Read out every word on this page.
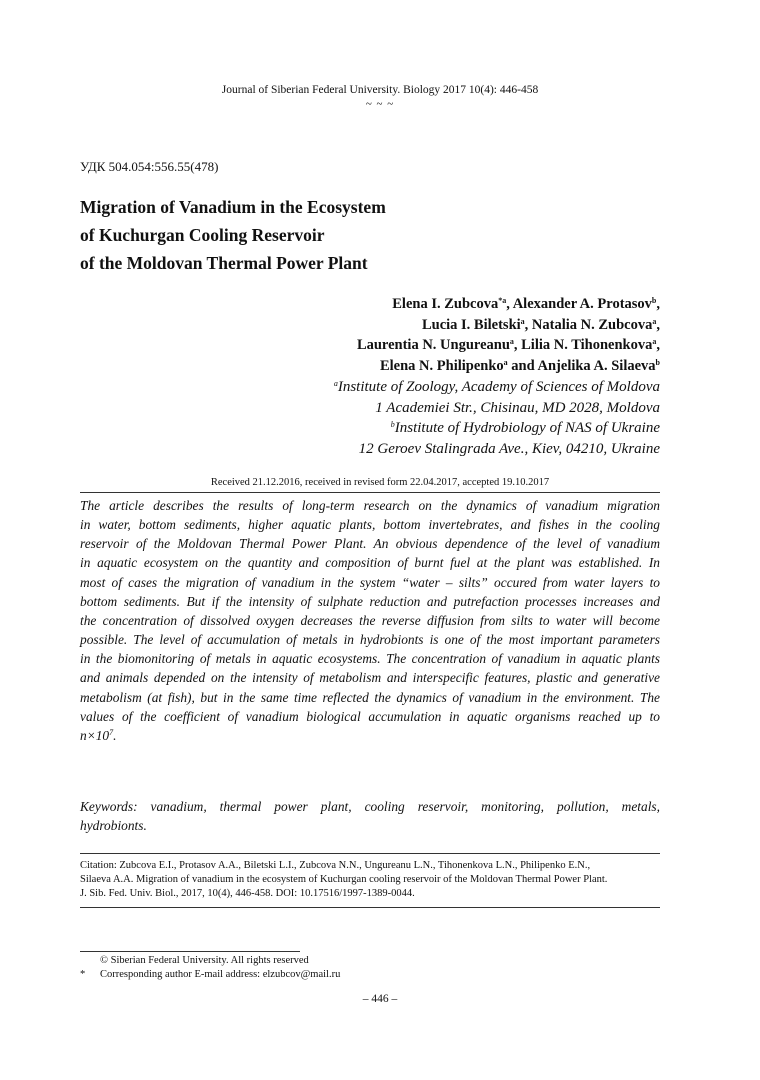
Journal of Siberian Federal University. Biology 2017 10(4): 446-458
~ ~ ~
УДК 504.054:556.55(478)
Migration of Vanadium in the Ecosystem
of Kuchurgan Cooling Reservoir
of the Moldovan Thermal Power Plant
Elena I. Zubcova$^{*a}$, Alexander A. Protasov$^b$,
Lucia I. Biletski$^a$, Natalia N. Zubcova$^a$,
Laurentia N. Ungureanu$^a$, Lilia N. Tihonenkova$^a$,
Elena N. Philipenko$^a$ and Anjelika A. Silaeva$^b$
$^a$Institute of Zoology, Academy of Sciences of Moldova
1 Academiei Str., Chisinau, MD 2028, Moldova
$^b$Institute of Hydrobiology of NAS of Ukraine
12 Geroev Stalingrada Ave., Kiev, 04210, Ukraine
Received 21.12.2016, received in revised form 22.04.2017, accepted 19.10.2017
The article describes the results of long-term research on the dynamics of vanadium migration
in water, bottom sediments, higher aquatic plants, bottom invertebrates, and fishes in the cooling
reservoir of the Moldovan Thermal Power Plant. An obvious dependence of the level of vanadium
in aquatic ecosystem on the quantity and composition of burnt fuel at the plant was established. In
most of cases the migration of vanadium in the system “water – silts” occured from water layers to
bottom sediments. But if the intensity of sulphate reduction and putrefaction processes increases and
the concentration of dissolved oxygen decreases the reverse diffusion from silts to water will become
possible. The level of accumulation of metals in hydrobionts is one of the most important parameters
in the biomonitoring of metals in aquatic ecosystems. The concentration of vanadium in aquatic plants
and animals depended on the intensity of metabolism and interspecific features, plastic and generative
metabolism (at fish), but in the same time reflected the dynamics of vanadium in the environment. The
values of the coefficient of vanadium biological accumulation in aquatic organisms reached up to
$n\times 10^7$.
Keywords: vanadium, thermal power plant, cooling reservoir, monitoring, pollution, metals,
hydrobionts.
Citation: Zubcova E.I., Protasov A.A., Biletski L.I., Zubcova N.N., Ungureanu L.N., Tihonenkova L.N., Philipenko E.N.,
Silaeva A.A. Migration of vanadium in the ecosystem of Kuchurgan cooling reservoir of the Moldovan Thermal Power Plant.
J. Sib. Fed. Univ. Biol., 2017, 10(4), 446-458. DOI: 10.17516/1997-1389-0044.
© Siberian Federal University. All rights reserved
* Corresponding author E-mail address: elzubcov@mail.ru
– 446 –
